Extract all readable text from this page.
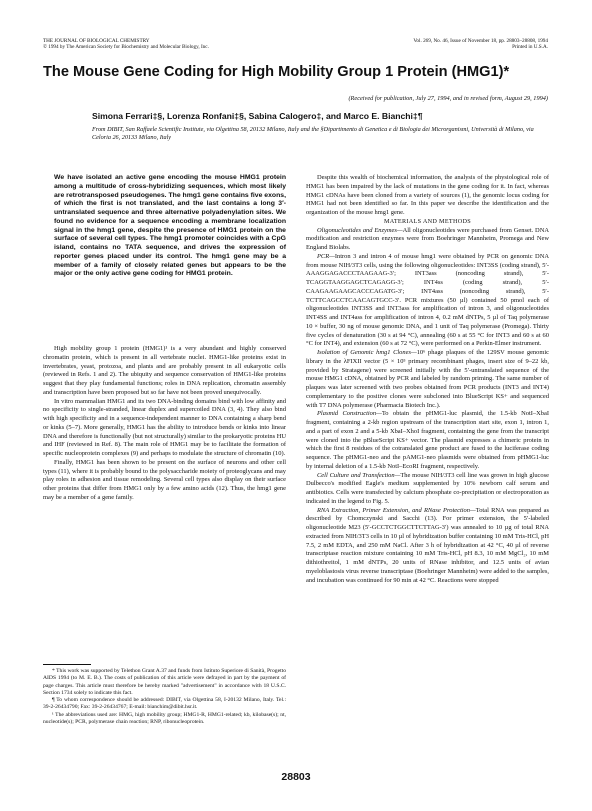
THE JOURNAL OF BIOLOGICAL CHEMISTRY
© 1994 by The American Society for Biochemistry and Molecular Biology, Inc.
Vol. 269, No. 46, Issue of November 18, pp. 28803–28808, 1994
Printed in U.S.A.
The Mouse Gene Coding for High Mobility Group 1 Protein (HMG1)*
(Received for publication, July 27, 1994, and in revised form, August 29, 1994)
Simona Ferrari‡§, Lorenza Ronfani‡§, Sabina Calogero‡, and Marco E. Bianchi‡¶
From DIBIT, San Raffaele Scientific Institute, via Olgettina 58, 20132 Milano, Italy and the §Dipartimento di Genetica e di Biologia dei Microrganismi, Università di Milano, via Celoria 26, 20133 Milano, Italy
We have isolated an active gene encoding the mouse HMG1 protein among a multitude of cross-hybridizing sequences, which most likely are retrotransposed pseudogenes. The hmg1 gene contains five exons, of which the first is not translated, and the last contains a long 3′-untranslated sequence and three alternative polyadenylation sites. We found no evidence for a sequence encoding a membrane localization signal in the hmg1 gene, despite the presence of HMG1 protein on the surface of several cell types. The hmg1 promoter coincides with a CpG island, contains no TATA sequence, and drives the expression of reporter genes placed under its control. The hmg1 gene may be a member of a family of closely related genes but appears to be the major or the only active gene coding for HMG1 protein.

High mobility group 1 protein (HMG1)¹ is a very abundant and highly conserved chromatin protein, which is present in all vertebrate nuclei. HMG1-like proteins exist in invertebrates, yeast, protozoa, and plants and are probably present in all eukaryotic cells (reviewed in Refs. 1 and 2). The ubiquity and sequence conservation of HMG1-like proteins suggest that they play fundamental functions; roles in DNA replication, chromatin assembly and transcription have been proposed but so far have not been proved unequivocally.

In vitro mammalian HMG1 and its two DNA-binding domains bind with low affinity and no specificity to single-stranded, linear duplex and supercoiled DNA (3, 4). They also bind with high specificity and in a sequence-independent manner to DNA containing a sharp bend or kinks (5–7). More generally, HMG1 has the ability to introduce bends or kinks into linear DNA and therefore is functionally (but not structurally) similar to the prokaryotic proteins HU and IHF (reviewed in Ref. 8). The main role of HMG1 may be to facilitate the formation of specific nucleoprotein complexes (9) and perhaps to modulate the structure of chromatin (10).

Finally, HMG1 has been shown to be present on the surface of neurons and other cell types (11), where it is probably bound to the polysaccharide moiety of proteoglycans and may play roles in adhesion and tissue remodeling. Several cell types also display on their surface other proteins that differ from HMG1 only by a few amino acids (12). Thus, the hmg1 gene may be a member of a gene family.

* This work was supported by Telethon Grant A.37 and funds from Istituto Superiore di Sanità, Progetto AIDS 1994 (to M. E. B.). The costs of publication of this article were defrayed in part by the payment of page charges. This article must therefore be hereby marked "advertisement" in accordance with 18 U.S.C. Section 1734 solely to indicate this fact.

¶ To whom correspondence should be addressed: DIBIT, via Olgettina 58, I-20132 Milano, Italy. Tel.: 39-2-26434790; Fax: 39-2-26434767; E-mail: bianchim@dibit.hsr.it.

¹ The abbreviations used are: HMG, high mobility group; HMG1-R, HMG1-related; kb, kilobase(s); nt, nucleotide(s); PCR, polymerase chain reaction; RNP, ribonucleoprotein.

Despite this wealth of biochemical information, the analysis of the physiological role of HMG1 has been impaired by the lack of mutations in the gene coding for it. In fact, whereas HMG1 cDNAs have been cloned from a variety of sources (1), the genomic locus coding for HMG1 had not been identified so far. In this paper we describe the identification and the organization of the mouse hmg1 gene.

MATERIALS AND METHODS

Oligonucleotides and Enzymes—All oligonucleotides were purchased from Genset. DNA modification and restriction enzymes were from Boehringer Mannheim, Promega and New England Biolabs.

PCR—Intron 3 and intron 4 of mouse hmg1 were obtained by PCR on genomic DNA from mouse NIH/3T3 cells, using the following oligonucleotides: INT3SS (coding strand), 5′-AAAGGAGACCCTAAGAAG-3′; INT3ass (noncoding strand), 5′-TCAGGTAAGGAGCTCAGAGG-3′; INT4ss (coding strand), 5′-CAAGAAGAAGCACCCAGATG-3′; INT4ass (noncoding strand), 5′-TCTTCAGCCTCAACAGTGCC-3′. PCR mixtures (50 µl) contained 50 pmol each of oligonucleotides INT3SS and INT3ass for amplification of intron 3, and oligonucleotides INT4SS and INT4ass for amplification of intron 4, 0.2 mM dNTPs, 5 µl of Taq polymerase 10 × buffer, 30 ng of mouse genomic DNA, and 1 unit of Taq polymerase (Promega). Thirty five cycles of denaturation (30 s at 94 °C), annealing (60 s at 55 °C for INT3 and 60 s at 60 °C for INT4), and extension (60 s at 72 °C), were performed on a Perkin-Elmer instrument.

Isolation of Genomic hmg1 Clones—10⁶ phage plaques of the 129SV mouse genomic library in the λFIXII vector (5 × 10⁵ primary recombinant phages, insert size of 9–22 kb, provided by Stratagene) were screened initially with the 5′-untranslated sequence of the mouse HMG1 cDNA, obtained by PCR and labeled by random priming. The same number of plaques was later screened with two probes obtained from PCR products (INT3 and INT4) complementary to the positive clones were subcloned into BlueScript KS+ and sequenced with T7 DNA polymerase (Pharmacia Biotech Inc.).

Plasmid Construction—To obtain the pHMG1-luc plasmid, the 1.5-kb NotI–XbaI fragment, containing a 2-kb region upstream of the transcription start site, exon 1, intron 1, and a part of exon 2 and a 5-kb XbaI–XhoI fragment, containing the gene from the transcript were cloned into the pBlueScript KS+ vector. The plasmid expresses a chimeric protein in which the first 8 residues of the cotranslated gene product are fused to the luciferase coding sequence. The pHMG1-neo and the pAMG1-neo plasmids were obtained from pHMG1-luc by internal deletion of a 1.5-kb NotI–EcoRI fragment, respectively.

Cell Culture and Transfection—The mouse NIH/3T3 cell line was grown in high glucose Dulbecco's modified Eagle's medium supplemented by 10% newborn calf serum and antibiotics. Cells were transfected by calcium phosphate co-precipitation or electroporation as indicated in the legend to Fig. 5.

RNA Extraction, Primer Extension, and RNase Protection—Total RNA was prepared as described by Chomczynski and Sacchi (13). For primer extension, the 5′-labeled oligonucleotide M23 (5′-GCCTCTGGCTTCTTAG-3′) was annealed to 10 µg of total RNA extracted from NIH/3T3 cells in 10 µl of hybridization buffer containing 10 mM Tris-HCl, pH 7.5, 2 mM EDTA, and 250 mM NaCl. After 3 h of hybridization at 42 °C, 40 µl of reverse transcriptase reaction mixture containing 10 mM Tris-HCl, pH 8.3, 10 mM MgCl₂, 10 mM dithiothreitol, 1 mM dNTPs, 20 units of RNase inhibitor, and 12.5 units of avian myeloblastosis virus reverse transcriptase (Boehringer Mannheim) were added to the samples, and incubation was continued for 90 min at 42 °C. Reactions were stopped

28803
